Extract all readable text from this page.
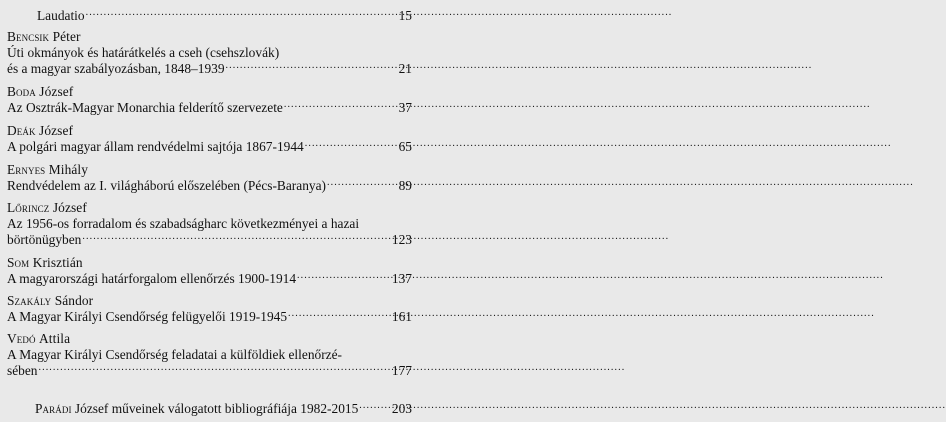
Laudatio .....	15
Bencsik Péter
Úti okmányok és határátkelés a cseh (csehszlovák)
és a magyar szabályozásban, 1848–1939 .....	21
Boda József
Az Osztrák-Magyar Monarchia felderítő szervezete .....	37
Deák József
A polgári magyar állam rendvédelmi sajtója 1867-1944 .....	65
Ernyes Mihály
Rendvédelem az I. világháború előszelében (Pécs-Baranya) .....	89
Lőrincz József
Az 1956-os forradalom és szabadságharc következményei a hazai
börtönügyben .....	123
Som Krisztián
A magyarországi határforgalom ellenőrzés 1900-1914 .....	137
Szakály Sándor
A Magyar Királyi Csendőrség felügyelői 1919-1945 .....	161
Vedó Attila
A Magyar Királyi Csendőrség feladatai a külföldiek ellenőrzé-
sében .....	177
Parádi József műveinek válogatott bibliográfiája 1982-2015 .....	203
